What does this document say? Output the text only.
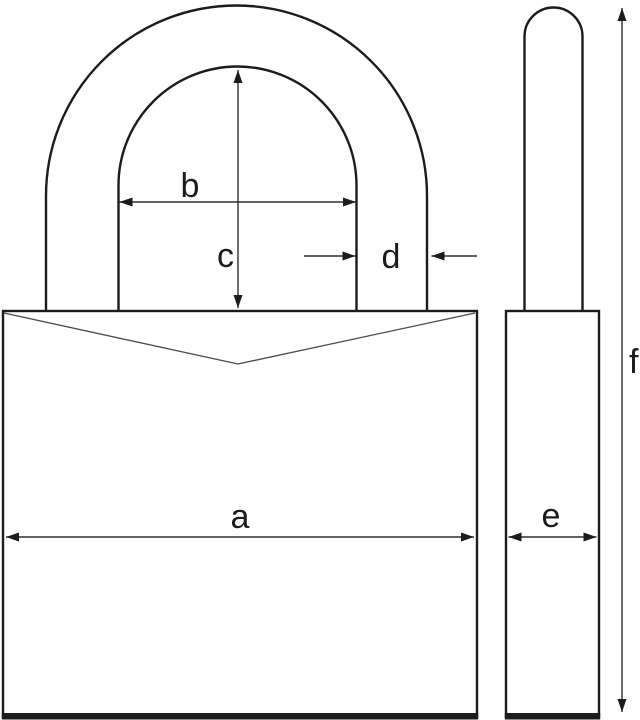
b
c	d
a	e
f
